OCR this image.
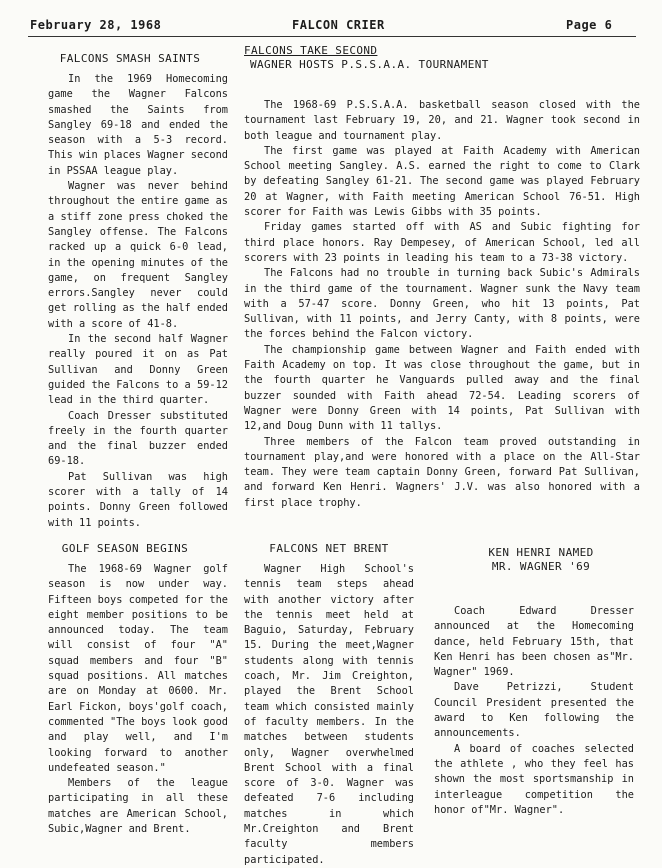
February 28, 1968	FALCON CRIER	Page 6
FALCONS SMASH SAINTS

In the 1969 Homecoming game the Wagner Falcons smashed the Saints from Sangley 69-18 and ended the season with a 5-3 record. This win places Wagner second in PSSAA league play.

Wagner was never behind throughout the entire game as a stiff zone press choked the Sangley offense. The Falcons racked up a quick 6-0 lead, in the opening minutes of the game, on frequent Sangley errors.Sangley never could get rolling as the half ended with a score of 41-8.

In the second half Wagner really poured it on as Pat Sullivan and Donny Green guided the Falcons to a 59-12 lead in the third quarter.

Coach Dresser substituted freely in the fourth quarter and the final buzzer ended 69-18.

Pat Sullivan was high scorer with a tally of 14 points. Donny Green followed with 11 points.

FALCONS TAKE SECOND
WAGNER HOSTS P.S.S.A.A. TOURNAMENT

The 1968-69 P.S.S.A.A. basketball season closed with the tournament last February 19, 20, and 21. Wagner took second in both league and tournament play.

The first game was played at Faith Academy with American School meeting Sangley. A.S. earned the right to come to Clark by defeating Sangley 61-21. The second game was played February 20 at Wagner, with Faith meeting American School 76-51. High scorer for Faith was Lewis Gibbs with 35 points.

Friday games started off with AS and Subic fighting for third place honors. Ray Dempesey, of American School, led all scorers with 23 points in leading his team to a 73-38 victory.

The Falcons had no trouble in turning back Subic's Admirals in the third game of the tournament. Wagner sunk the Navy team with a 57-47 score. Donny Green, who hit 13 points, Pat Sullivan, with 11 points, and Jerry Canty, with 8 points, were the forces behind the Falcon victory.

The championship game between Wagner and Faith ended with Faith Academy on top. It was close throughout the game, but in the fourth quarter he Vanguards pulled away and the final buzzer sounded with Faith ahead 72-54. Leading scorers of Wagner were Donny Green with 14 points, Pat Sullivan with 12,and Doug Dunn with 11 tallys.

Three members of the Falcon team proved outstanding in tournament play,and were honored with a place on the All-Star team. They were team captain Donny Green, forward Pat Sullivan, and forward Ken Henri. Wagners' J.V. was also honored with a first place trophy.

GOLF SEASON BEGINS

The 1968-69 Wagner golf season is now under way. Fifteen boys competed for the eight member positions to be announced today. The team will consist of four "A" squad members and four "B" squad positions. All matches are on Monday at 0600. Mr. Earl Fickon, boys'golf coach, commented "The boys look good and play well, and I'm looking forward to another undefeated season."

Members of the league participating in all these matches are American School, Subic,Wagner and Brent.

FALCONS NET BRENT

Wagner High School's tennis team steps ahead with another victory after the tennis meet held at Baguio, Saturday, February 15. During the meet,Wagner students along with tennis coach, Mr. Jim Creighton, played the Brent School team which consisted mainly of faculty members. In the matches between students only, Wagner overwhelmed Brent School with a final score of 3-0. Wagner was defeated 7-6 including matches in which Mr.Creighton and Brent faculty members participated.

KEN HENRI NAMED
MR. WAGNER '69

Coach Edward Dresser announced at the Homecoming dance, held February 15th, that Ken Henri has been chosen as"Mr. Wagner" 1969.

Dave Petrizzi, Student Council President presented the award to Ken following the announcements.

A board of coaches selected the athlete , who they feel has shown the most sportsmanship in interleague competition the honor of"Mr. Wagner".
